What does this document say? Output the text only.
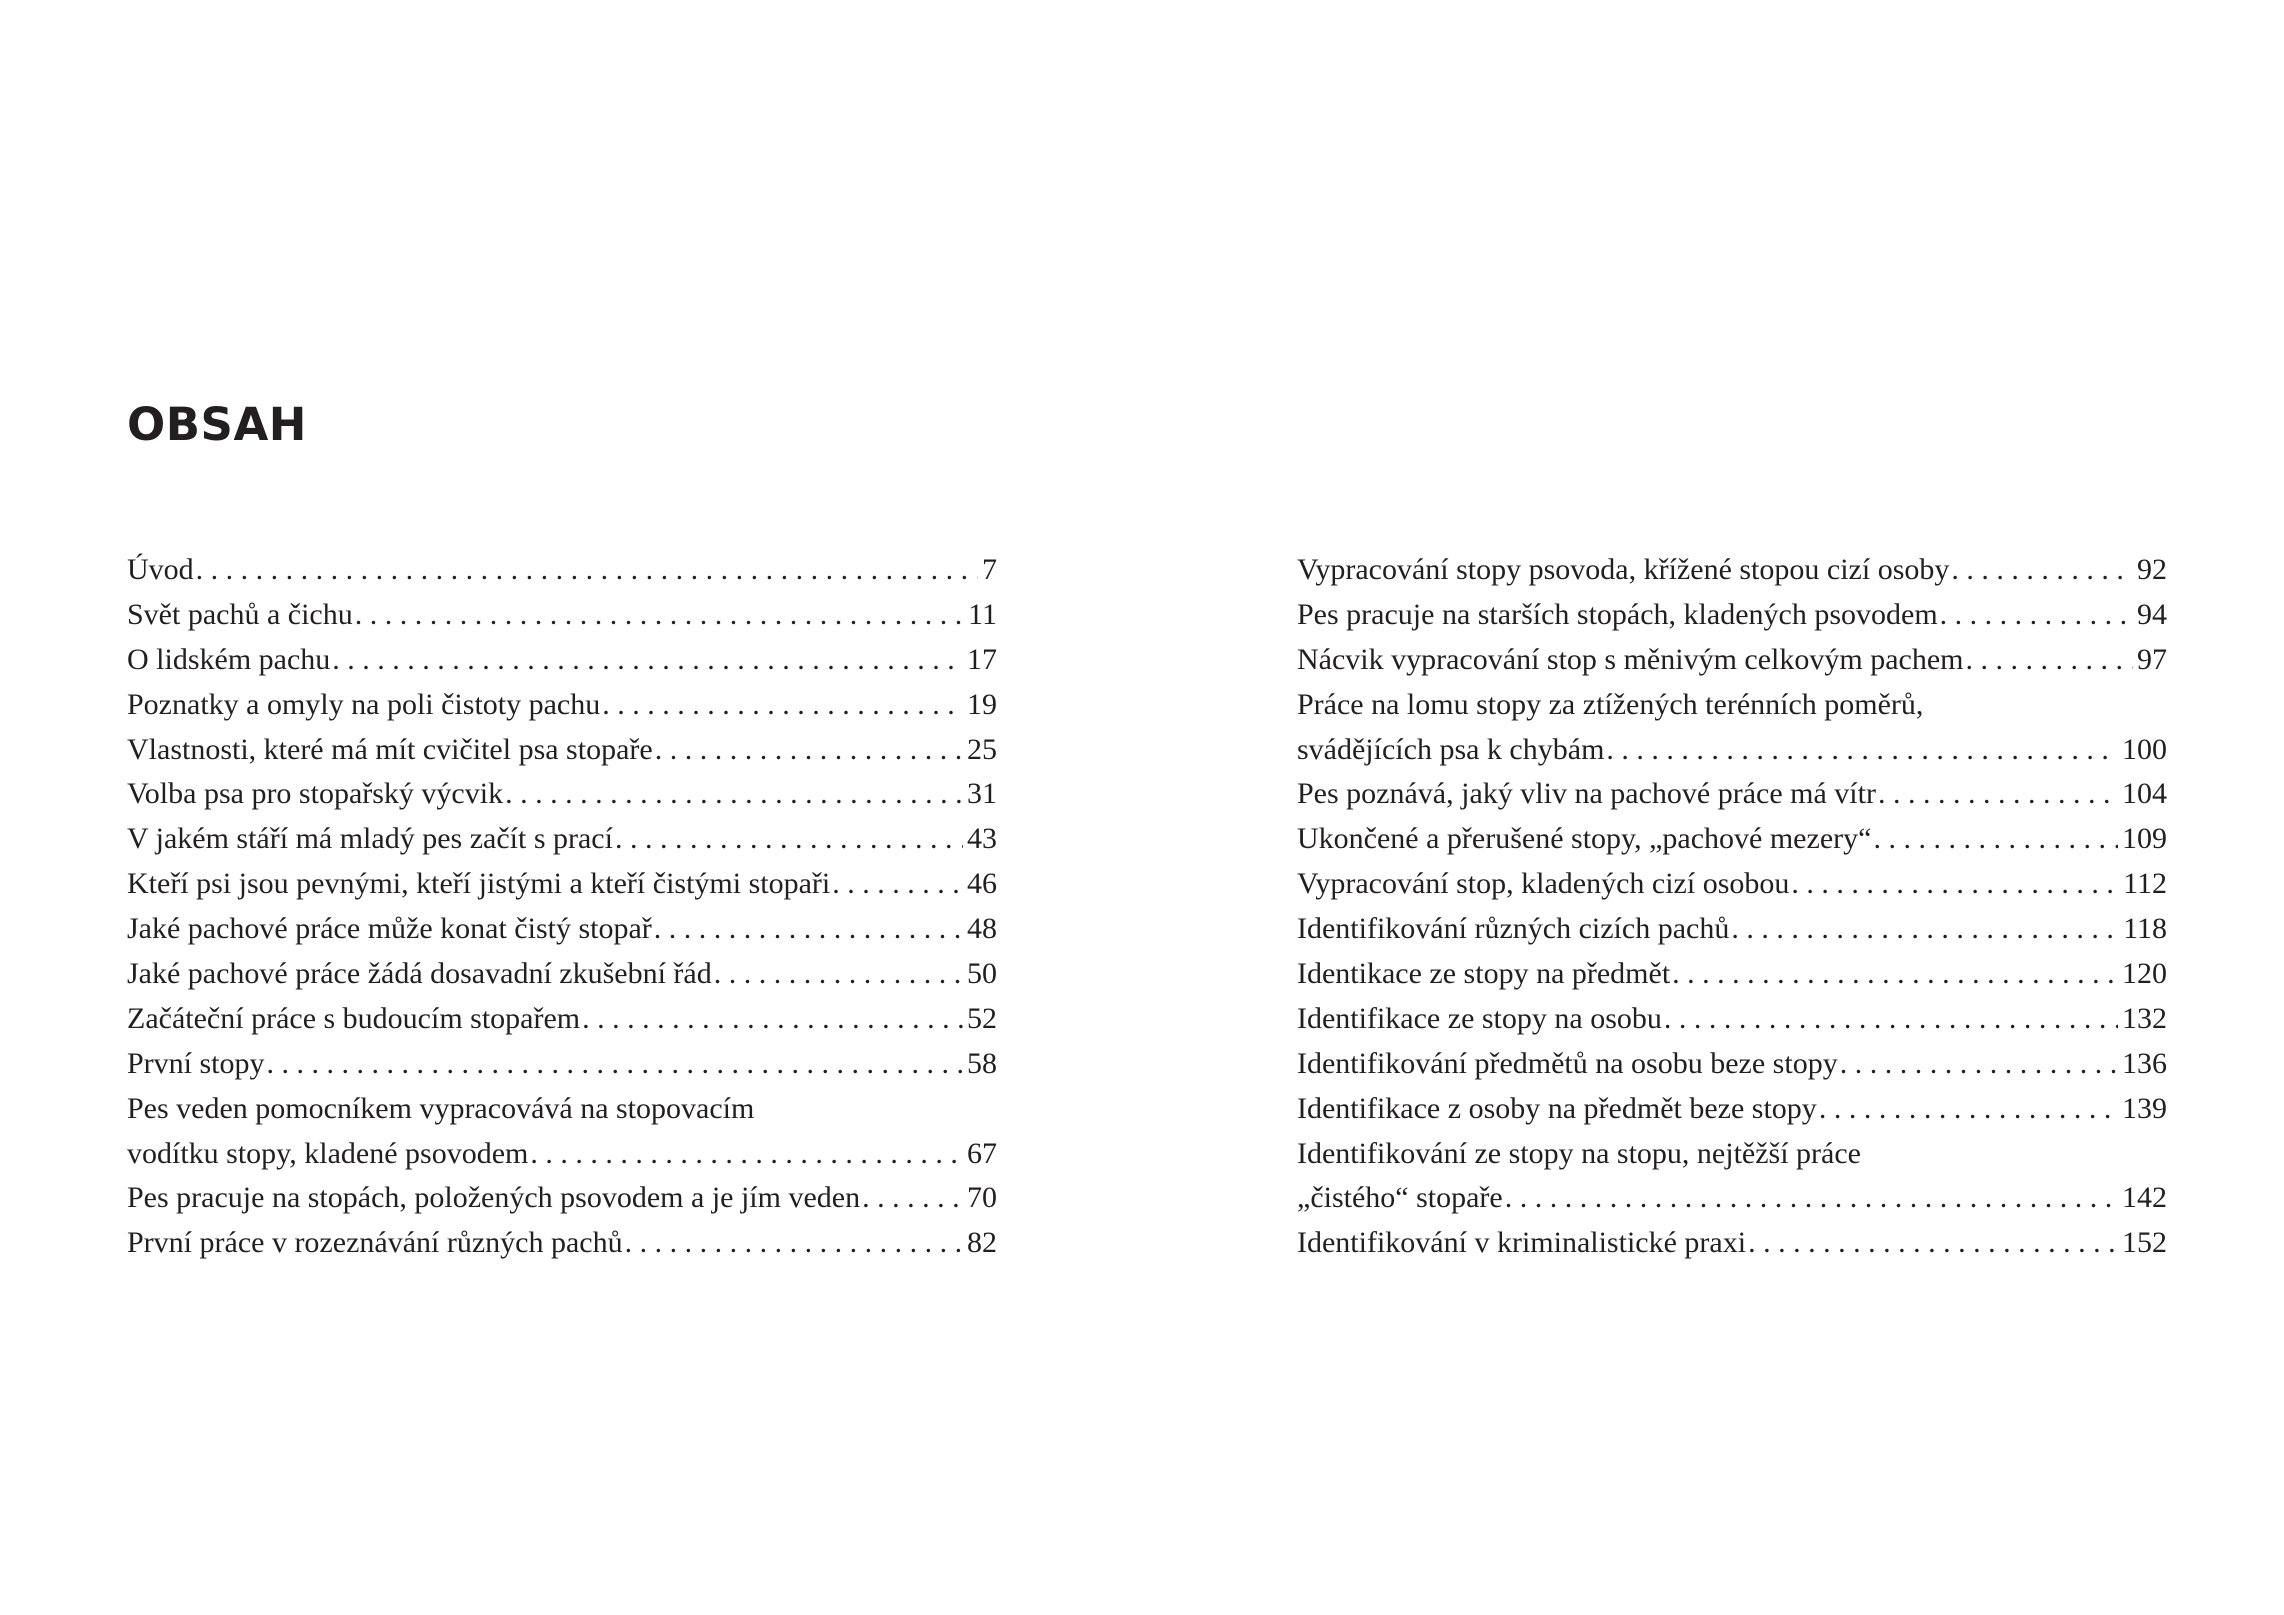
OBSAH
Úvod . . .	7
Svět pachů a čichu . . .	11
O lidském pachu . . .	17
Poznatky a omyly na poli čistoty pachu . . .	19
Vlastnosti, které má mít cvičitel psa stopaře . . .	25
Volba psa pro stopařský výcvik . . .	31
V jakém stáří má mladý pes začít s prací . . .	43
Kteří psi jsou pevnými, kteří jistými a kteří čistými stopaři . . .	46
Jaké pachové práce může konat čistý stopař . . .	48
Jaké pachové práce žádá dosavadní zkušební řád . . .	50
Začáteční práce s budoucím stopařem . . .	52
První stopy . . .	58
Pes veden pomocníkem vypracovává na stopovacím
vodítku stopy, kladené psovodem . . .	67
Pes pracuje na stopách, položených psovodem a je jím veden . . .	70
První práce v rozeznávání různých pachů . . .	82
Vypracování stopy psovoda, křížené stopou cizí osoby . . .	92
Pes pracuje na starších stopách, kladených psovodem . . .	94
Nácvik vypracování stop s měnivým celkovým pachem . . .	97
Práce na lomu stopy za ztížených terénních poměrů,
svádějících psa k chybám . . .	100
Pes poznává, jaký vliv na pachové práce má vítr . . .	104
Ukončené a přerušené stopy, „pachové mezery“ . . .	109
Vypracování stop, kladených cizí osobou . . .	112
Identifikování různých cizích pachů . . .	118
Identikace ze stopy na předmět . . .	120
Identifikace ze stopy na osobu . . .	132
Identifikování předmětů na osobu beze stopy . . .	136
Identifikace z osoby na předmět beze stopy . . .	139
Identifikování ze stopy na stopu, nejtěžší práce
„čistého“ stopaře . . .	142
Identifikování v kriminalistické praxi . . .	152
